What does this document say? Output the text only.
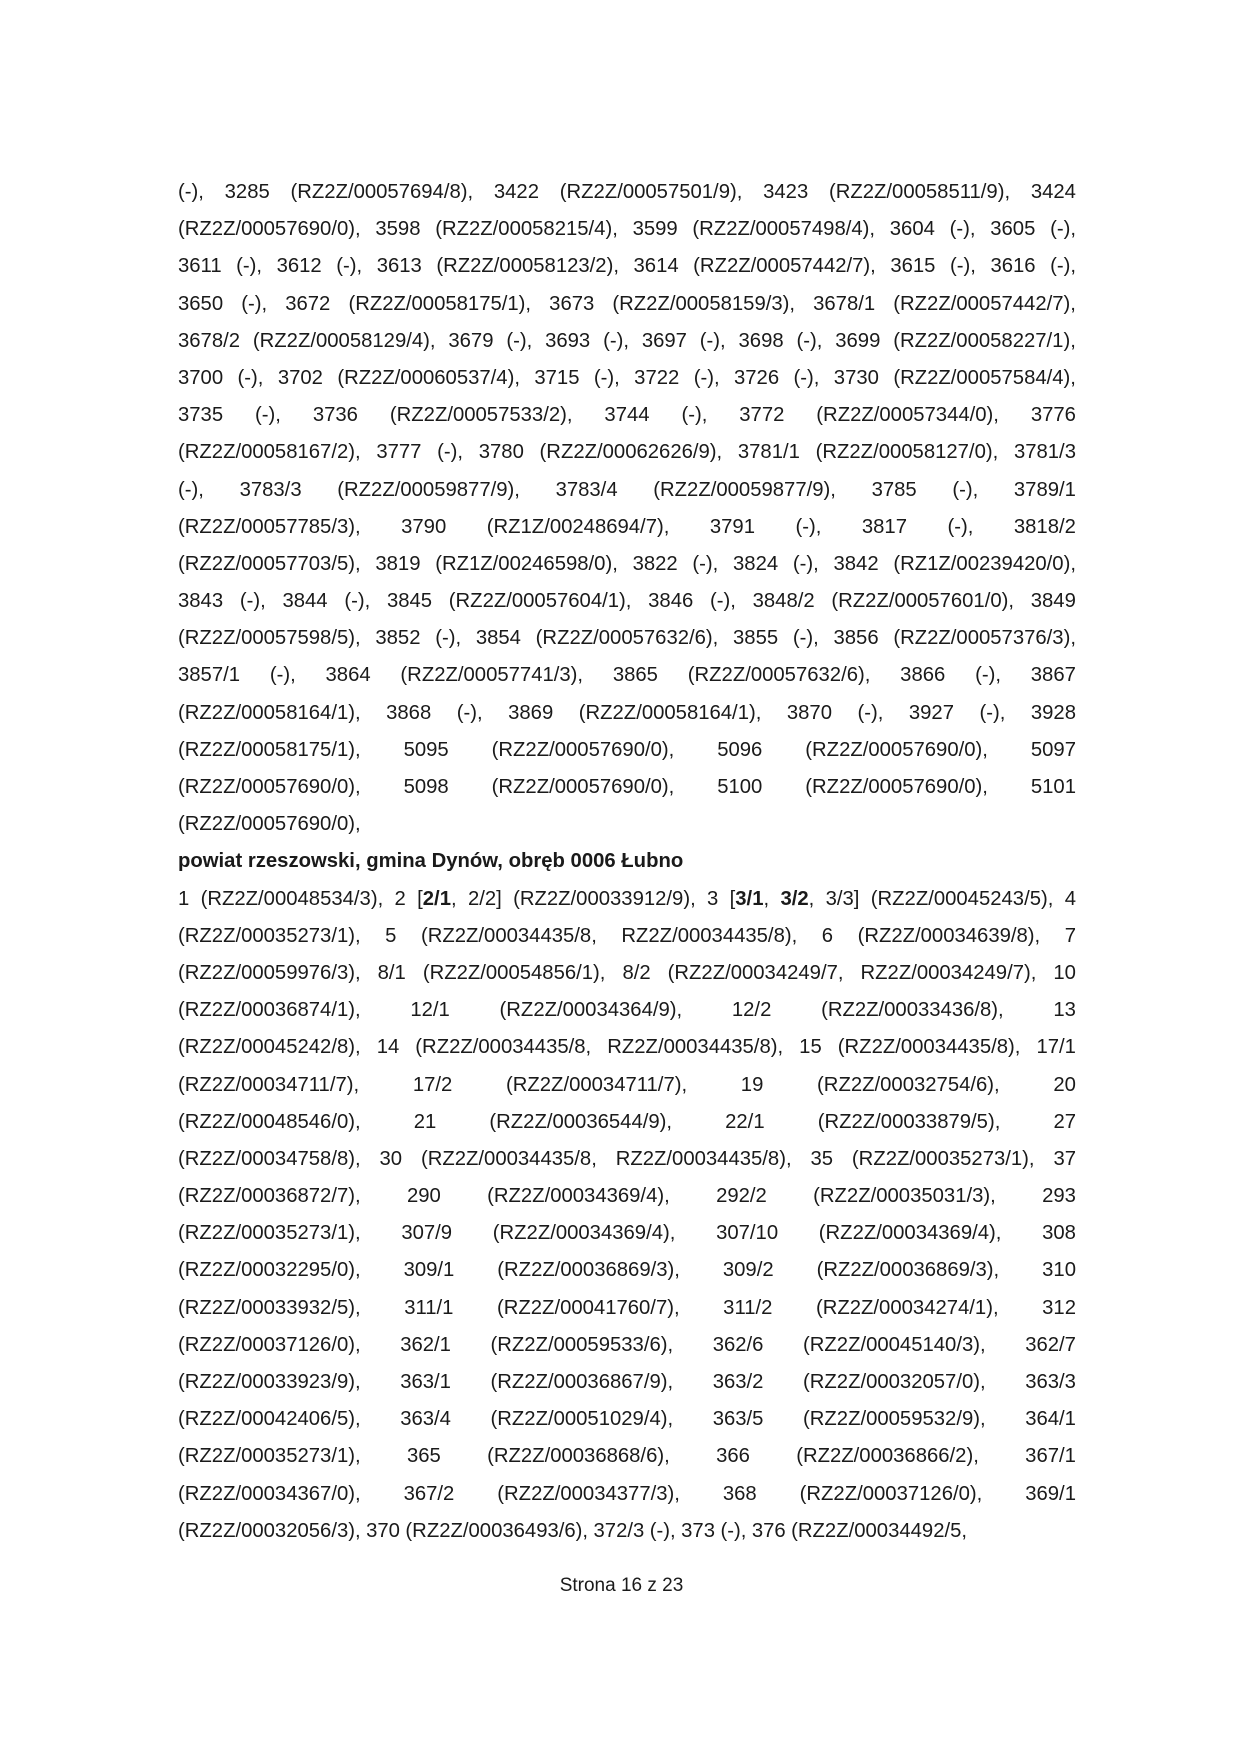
(-), 3285 (RZ2Z/00057694/8), 3422 (RZ2Z/00057501/9), 3423 (RZ2Z/00058511/9), 3424
(RZ2Z/00057690/0), 3598 (RZ2Z/00058215/4), 3599 (RZ2Z/00057498/4), 3604 (-), 3605 (-),
3611 (-), 3612 (-), 3613 (RZ2Z/00058123/2), 3614 (RZ2Z/00057442/7), 3615 (-), 3616 (-),
3650 (-), 3672 (RZ2Z/00058175/1), 3673 (RZ2Z/00058159/3), 3678/1 (RZ2Z/00057442/7),
3678/2 (RZ2Z/00058129/4), 3679 (-), 3693 (-), 3697 (-), 3698 (-), 3699 (RZ2Z/00058227/1),
3700 (-), 3702 (RZ2Z/00060537/4), 3715 (-), 3722 (-), 3726 (-), 3730 (RZ2Z/00057584/4),
3735 (-), 3736 (RZ2Z/00057533/2), 3744 (-), 3772 (RZ2Z/00057344/0), 3776
(RZ2Z/00058167/2), 3777 (-), 3780 (RZ2Z/00062626/9), 3781/1 (RZ2Z/00058127/0), 3781/3
(-), 3783/3 (RZ2Z/00059877/9), 3783/4 (RZ2Z/00059877/9), 3785 (-), 3789/1
(RZ2Z/00057785/3), 3790 (RZ1Z/00248694/7), 3791 (-), 3817 (-), 3818/2
(RZ2Z/00057703/5), 3819 (RZ1Z/00246598/0), 3822 (-), 3824 (-), 3842 (RZ1Z/00239420/0),
3843 (-), 3844 (-), 3845 (RZ2Z/00057604/1), 3846 (-), 3848/2 (RZ2Z/00057601/0), 3849
(RZ2Z/00057598/5), 3852 (-), 3854 (RZ2Z/00057632/6), 3855 (-), 3856 (RZ2Z/00057376/3),
3857/1 (-), 3864 (RZ2Z/00057741/3), 3865 (RZ2Z/00057632/6), 3866 (-), 3867
(RZ2Z/00058164/1), 3868 (-), 3869 (RZ2Z/00058164/1), 3870 (-), 3927 (-), 3928
(RZ2Z/00058175/1), 5095 (RZ2Z/00057690/0), 5096 (RZ2Z/00057690/0), 5097
(RZ2Z/00057690/0), 5098 (RZ2Z/00057690/0), 5100 (RZ2Z/00057690/0), 5101
(RZ2Z/00057690/0),
powiat rzeszowski, gmina Dynów, obręb 0006 Łubno
1 (RZ2Z/00048534/3), 2 [2/1, 2/2] (RZ2Z/00033912/9), 3 [3/1, 3/2, 3/3] (RZ2Z/00045243/5), 4
(RZ2Z/00035273/1), 5 (RZ2Z/00034435/8, RZ2Z/00034435/8), 6 (RZ2Z/00034639/8), 7
(RZ2Z/00059976/3), 8/1 (RZ2Z/00054856/1), 8/2 (RZ2Z/00034249/7, RZ2Z/00034249/7), 10
(RZ2Z/00036874/1), 12/1 (RZ2Z/00034364/9), 12/2 (RZ2Z/00033436/8), 13
(RZ2Z/00045242/8), 14 (RZ2Z/00034435/8, RZ2Z/00034435/8), 15 (RZ2Z/00034435/8), 17/1
(RZ2Z/00034711/7),	17/2	(RZ2Z/00034711/7),	19	(RZ2Z/00032754/6),	20
(RZ2Z/00048546/0),	21	(RZ2Z/00036544/9),	22/1	(RZ2Z/00033879/5),	27
(RZ2Z/00034758/8), 30 (RZ2Z/00034435/8, RZ2Z/00034435/8), 35 (RZ2Z/00035273/1), 37
(RZ2Z/00036872/7), 290 (RZ2Z/00034369/4), 292/2 (RZ2Z/00035031/3), 293
(RZ2Z/00035273/1), 307/9 (RZ2Z/00034369/4), 307/10 (RZ2Z/00034369/4), 308
(RZ2Z/00032295/0), 309/1 (RZ2Z/00036869/3), 309/2 (RZ2Z/00036869/3), 310
(RZ2Z/00033932/5), 311/1 (RZ2Z/00041760/7), 311/2 (RZ2Z/00034274/1), 312
(RZ2Z/00037126/0), 362/1 (RZ2Z/00059533/6), 362/6 (RZ2Z/00045140/3), 362/7
(RZ2Z/00033923/9), 363/1 (RZ2Z/00036867/9), 363/2 (RZ2Z/00032057/0), 363/3
(RZ2Z/00042406/5), 363/4 (RZ2Z/00051029/4), 363/5 (RZ2Z/00059532/9), 364/1
(RZ2Z/00035273/1), 365 (RZ2Z/00036868/6), 366 (RZ2Z/00036866/2), 367/1
(RZ2Z/00034367/0), 367/2 (RZ2Z/00034377/3), 368 (RZ2Z/00037126/0), 369/1
(RZ2Z/00032056/3), 370 (RZ2Z/00036493/6), 372/3 (-), 373 (-), 376 (RZ2Z/00034492/5,
Strona 16 z 23
